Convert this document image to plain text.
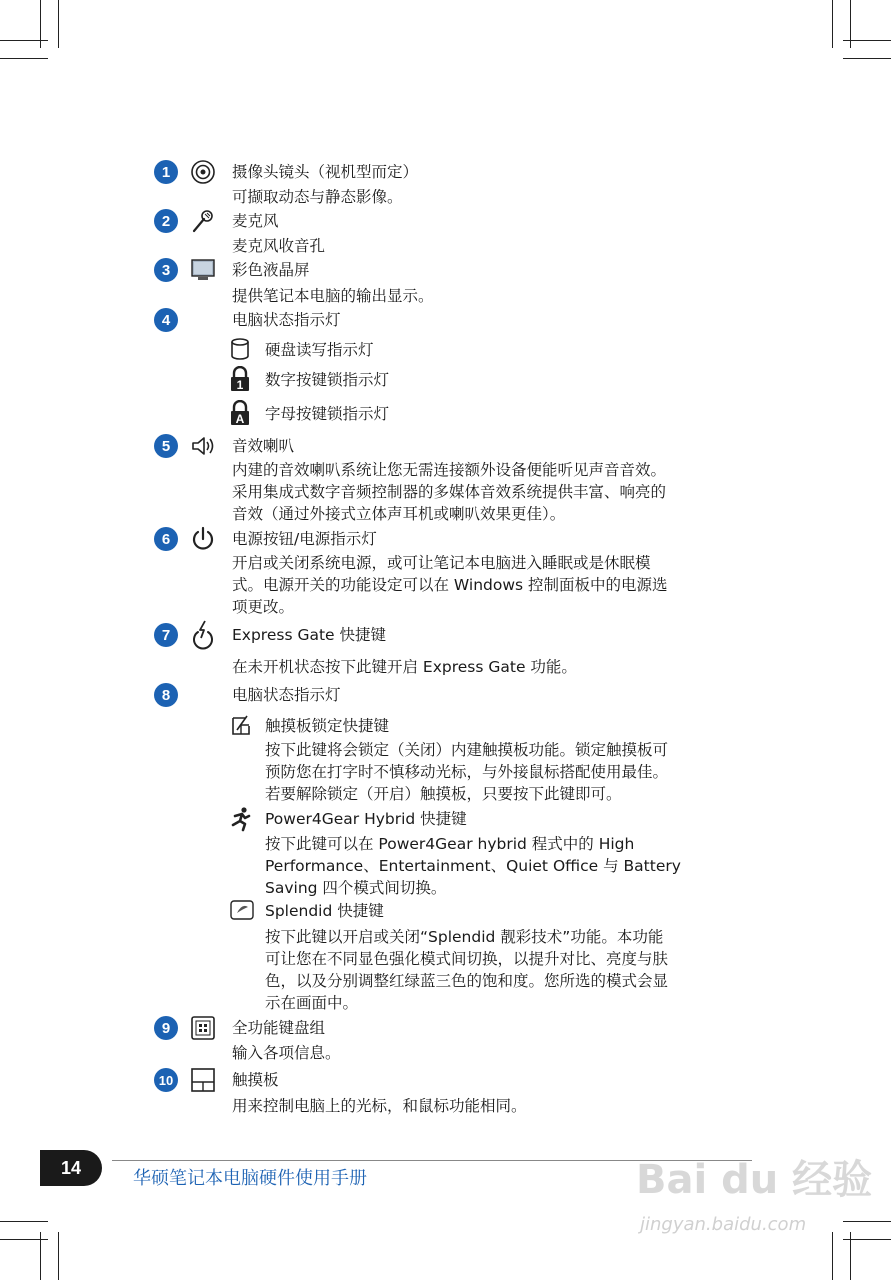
1	摄像头镜头（视机型而定）
可撷取动态与静态影像。
2	麦克风
麦克风收音孔
3	彩色液晶屏
提供笔记本电脑的输出显示。
4	电脑状态指示灯
硬盘读写指示灯
1 数字按键锁指示灯
A 字母按键锁指示灯
5	音效喇叭
内建的音效喇叭系统让您无需连接额外设备便能听见声音音效。
采用集成式数字音频控制器的多媒体音效系统提供丰富、响亮的
音效（通过外接式立体声耳机或喇叭效果更佳）。
6	电源按钮/电源指示灯
开启或关闭系统电源，或可让笔记本电脑进入睡眠或是休眠模
式。电源开关的功能设定可以在 Windows 控制面板中的电源选
项更改。
7	Express Gate 快捷键
在未开机状态按下此键开启 Express Gate 功能。
8	电脑状态指示灯
触摸板锁定快捷键
按下此键将会锁定（关闭）内建触摸板功能。锁定触摸板可
预防您在打字时不慎移动光标，与外接鼠标搭配使用最佳。
若要解除锁定（开启）触摸板，只要按下此键即可。
Power4Gear Hybrid 快捷键
按下此键可以在 Power4Gear hybrid 程式中的 High
Performance、Entertainment、Quiet Office 与 Battery
Saving 四个模式间切换。
Splendid 快捷键
按下此键以开启或关闭“Splendid 靓彩技术”功能。本功能
可让您在不同显色强化模式间切换，以提升对比、亮度与肤
色，以及分别调整红绿蓝三色的饱和度。您所选的模式会显
示在画面中。
9	全功能键盘组
输入各项信息。
10	触摸板
用来控制电脑上的光标，和鼠标功能相同。
14
华硕笔记本电脑硬件使用手册	Bai du 经验
jingyan.baidu.com
